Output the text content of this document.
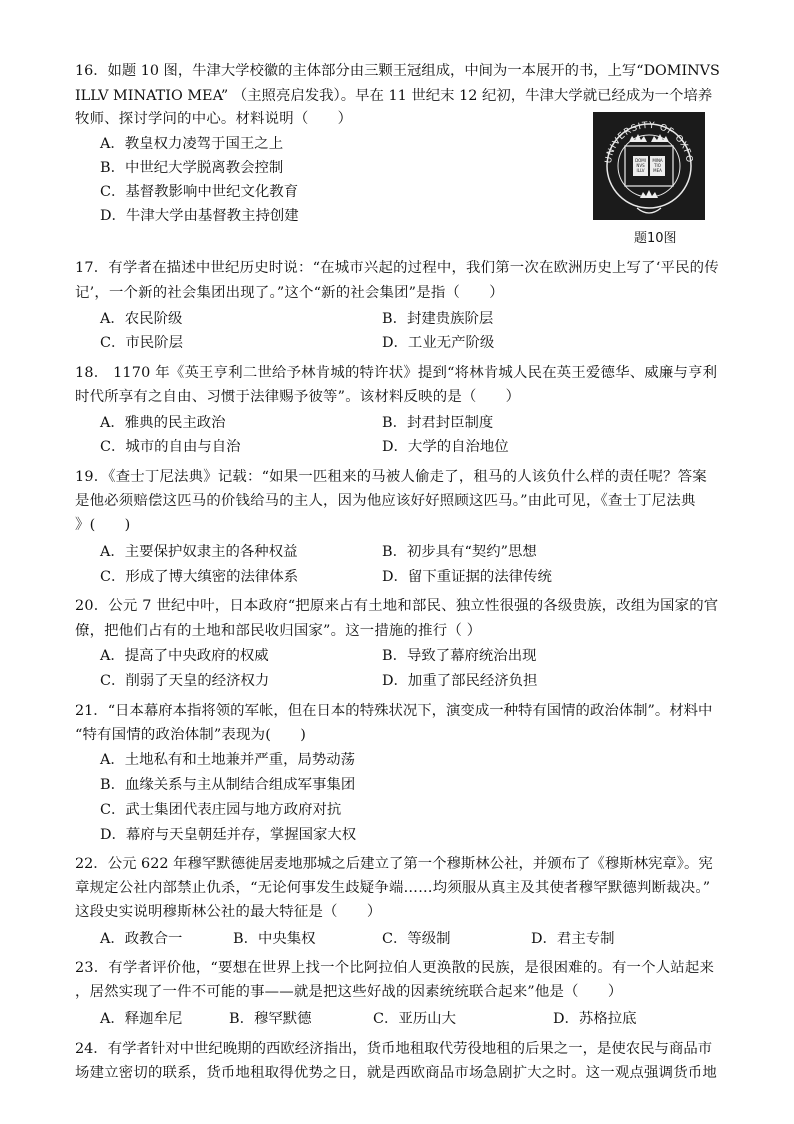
16．如题 10 图，牛津大学校徽的主体部分由三颗王冠组成，中间为一本展开的书，上写“DOMINVS
ILLV MINATIO MEA” （主照亮启发我）。早在 11 世纪末 12 纪初，牛津大学就已经成为一个培养
牧师、探讨学问的中心。材料说明（　　）
A．教皇权力凌驾于国王之上
B．中世纪大学脱离教会控制
C．基督教影响中世纪文化教育
D．牛津大学由基督教主持创建
UNIVERSITY OF OXFO
DOMI
NVS
ILLV
MINA
TIO
MEA
题10图
17．有学者在描述中世纪历史时说：“在城市兴起的过程中，我们第一次在欧洲历史上写了‘平民的传
记’，一个新的社会集团出现了。”这个“新的社会集团”是指（　　）
A．农民阶级	B．封建贵族阶层
C．市民阶层	D．工业无产阶级
18． 1170 年《英王亨利二世给予林肯城的特许状》提到“将林肯城人民在英王爱德华、威廉与亨利
时代所享有之自由、习惯于法律赐予彼等”。该材料反映的是（　　）
A．雅典的民主政治	B．封君封臣制度
C．城市的自由与自治	D．大学的自治地位
19．《查士丁尼法典》记载：“如果一匹租来的马被人偷走了，租马的人该负什么样的责任呢？答案
是他必须赔偿这匹马的价钱给马的主人，因为他应该好好照顾这匹马。”由此可见，《查士丁尼法典
》(　　)
A．主要保护奴隶主的各种权益	B．初步具有“契约”思想
C．形成了博大缜密的法律体系	D．留下重证据的法律传统
20．公元 7 世纪中叶，日本政府“把原来占有土地和部民、独立性很强的各级贵族，改组为国家的官
僚，把他们占有的土地和部民收归国家”。这一措施的推行（ ）
A．提高了中央政府的权威	B．导致了幕府统治出现
C．削弱了天皇的经济权力	D．加重了部民经济负担
21．“日本幕府本指将领的军帐，但在日本的特殊状况下，演变成一种特有国情的政治体制”。材料中
“特有国情的政治体制”表现为(　　)
A．土地私有和土地兼并严重，局势动荡
B．血缘关系与主从制结合组成军事集团
C．武士集团代表庄园与地方政府对抗
D．幕府与天皇朝廷并存，掌握国家大权
22．公元 622 年穆罕默德徙居麦地那城之后建立了第一个穆斯林公社，并颁布了《穆斯林宪章》。宪
章规定公社内部禁止仇杀，“无论何事发生歧疑争端……均须服从真主及其使者穆罕默德判断裁决。”
这段史实说明穆斯林公社的最大特征是（　　）
A．政教合一	B．中央集权	C．等级制	D．君主专制
23．有学者评价他，“要想在世界上找一个比阿拉伯人更涣散的民族，是很困难的。有一个人站起来
，居然实现了一件不可能的事——就是把这些好战的因素统统联合起来”他是（　　）
A．释迦牟尼	B．穆罕默德	C．亚历山大	D．苏格拉底
24．有学者针对中世纪晚期的西欧经济指出，货币地租取代劳役地租的后果之一，是使农民与商品市
场建立密切的联系，货币地租取得优势之日，就是西欧商品市场急剧扩大之时。这一观点强调货币地
